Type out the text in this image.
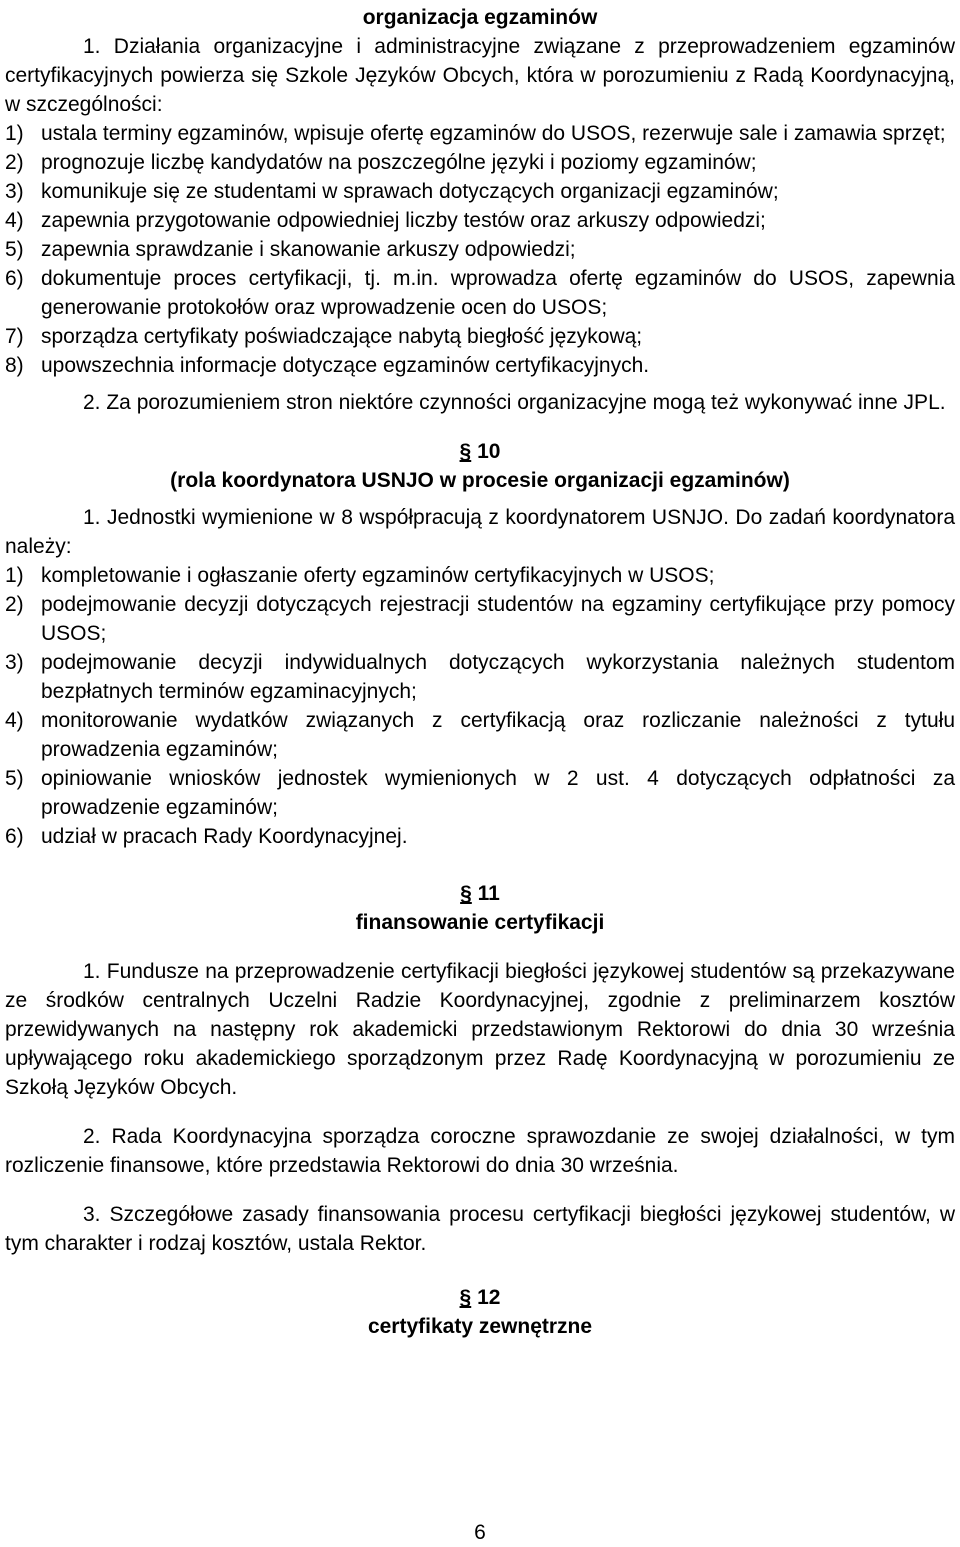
organizacja egzaminów

1. Działania organizacyjne i administracyjne związane z przeprowadzeniem egzaminów certyfikacyjnych powierza się Szkole Języków Obcych, która w porozumieniu z Radą Koordynacyjną, w szczególności:

1) ustala terminy egzaminów, wpisuje ofertę egzaminów do USOS, rezerwuje sale i zamawia sprzęt;
2) prognozuje liczbę kandydatów na poszczególne języki i poziomy egzaminów;
3) komunikuje się ze studentami w sprawach dotyczących organizacji egzaminów;
4) zapewnia przygotowanie odpowiedniej liczby testów oraz arkuszy odpowiedzi;
5) zapewnia sprawdzanie i skanowanie arkuszy odpowiedzi;
6) dokumentuje proces certyfikacji, tj. m.in. wprowadza ofertę egzaminów do USOS, zapewnia generowanie protokołów oraz wprowadzenie ocen do USOS;
7) sporządza certyfikaty poświadczające nabytą biegłość językową;
8) upowszechnia informacje dotyczące egzaminów certyfikacyjnych.

2. Za porozumieniem stron niektóre czynności organizacyjne mogą też wykonywać inne JPL.

§ 10

(rola koordynatora USNJO w procesie organizacji egzaminów)

1. Jednostki wymienione w 8 współpracują z koordynatorem USNJO. Do zadań koordynatora należy:

1) kompletowanie i ogłaszanie oferty egzaminów certyfikacyjnych w USOS;
2) podejmowanie decyzji dotyczących rejestracji studentów na egzaminy certyfikujące przy pomocy USOS;
3) podejmowanie decyzji indywidualnych dotyczących wykorzystania należnych studentom bezpłatnych terminów egzaminacyjnych;
4) monitorowanie wydatków związanych z certyfikacją oraz rozliczanie należności z tytułu prowadzenia egzaminów;
5) opiniowanie wniosków jednostek wymienionych w 2 ust. 4 dotyczących odpłatności za prowadzenie egzaminów;
6) udział w pracach Rady Koordynacyjnej.

§ 11

finansowanie certyfikacji

1. Fundusze na przeprowadzenie certyfikacji biegłości językowej studentów są przekazywane ze środków centralnych Uczelni Radzie Koordynacyjnej, zgodnie z preliminarzem kosztów przewidywanych na następny rok akademicki przedstawionym Rektorowi do dnia 30 września upływającego roku akademickiego sporządzonym przez Radę Koordynacyjną w porozumieniu ze Szkołą Języków Obcych.

2. Rada Koordynacyjna sporządza coroczne sprawozdanie ze swojej działalności, w tym rozliczenie finansowe, które przedstawia Rektorowi do dnia 30 września.

3. Szczegółowe zasady finansowania procesu certyfikacji biegłości językowej studentów, w tym charakter i rodzaj kosztów, ustala Rektor.

§ 12

certyfikaty zewnętrzne

6
